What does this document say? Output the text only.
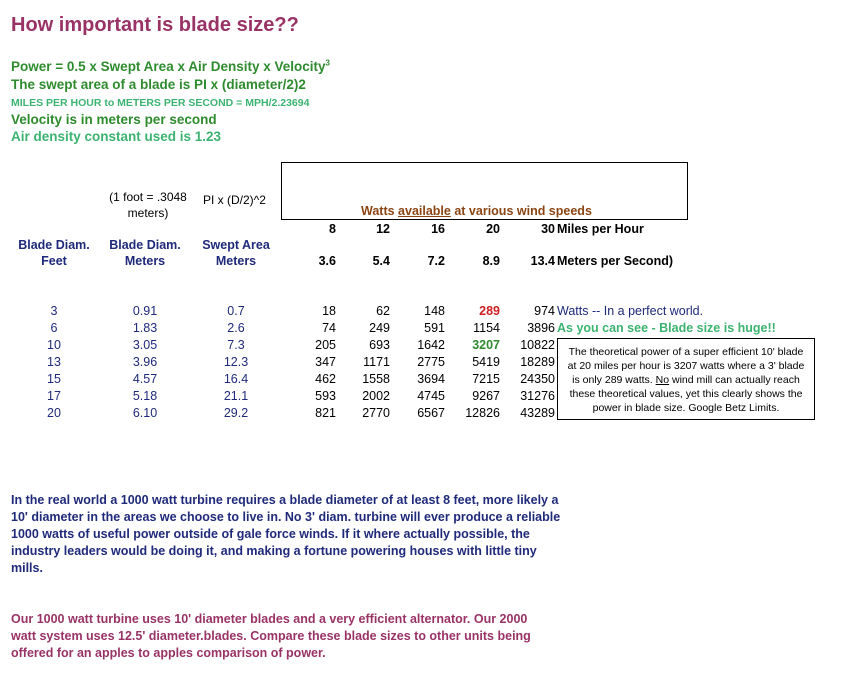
How important is blade size??
Power = 0.5 x Swept Area x Air Density x Velocity$^3$
The swept area of a blade is PI x (diameter/2)2
MILES PER HOUR to METERS PER SECOND = MPH/2.23694
Velocity is in meters per second
Air density constant used is 1.23
(1 foot = .3048 meters)
PI x (D/2)^2
Watts available at various wind speeds
Blade Diam. Feet
Blade Diam. Meters
Swept Area Meters
8	12	16	20	30 Miles per Hour
3.6	5.4	7.2	8.9	13.4 Meters per Second)
3	0.91	0.7	18	62	148	289	974
6	1.83	2.6	74	249	591	1154	3896
10	3.05	7.3	205	693	1642	3207	10822
13	3.96	12.3	347	1171	2775	5419	18289
15	4.57	16.4	462	1558	3694	7215	24350
17	5.18	21.1	593	2002	4745	9267	31276
20	6.10	29.2	821	2770	6567	12826	43289
Watts -- In a perfect world.
As you can see - Blade size is huge!!
The theoretical power of a super efficient 10' blade
at 20 miles per hour is 3207 watts where a 3' blade
is only 289 watts. No wind mill can actually reach
these theoretical values, yet this clearly shows the
power in blade size. Google Betz Limits.
In the real world a 1000 watt turbine requires a blade diameter of at least 8 feet, more likely a 10' diameter in the areas we choose to live in. No 3' diam. turbine will ever produce a reliable 1000 watts of useful power outside of gale force winds. If it where actually possible, the industry leaders would be doing it, and making a fortune powering houses with little tiny mills.
Our 1000 watt turbine uses 10' diameter blades and a very efficient alternator. Our 2000 watt system uses 12.5' diameter.blades. Compare these blade sizes to other units being offered for an apples to apples comparison of power.
